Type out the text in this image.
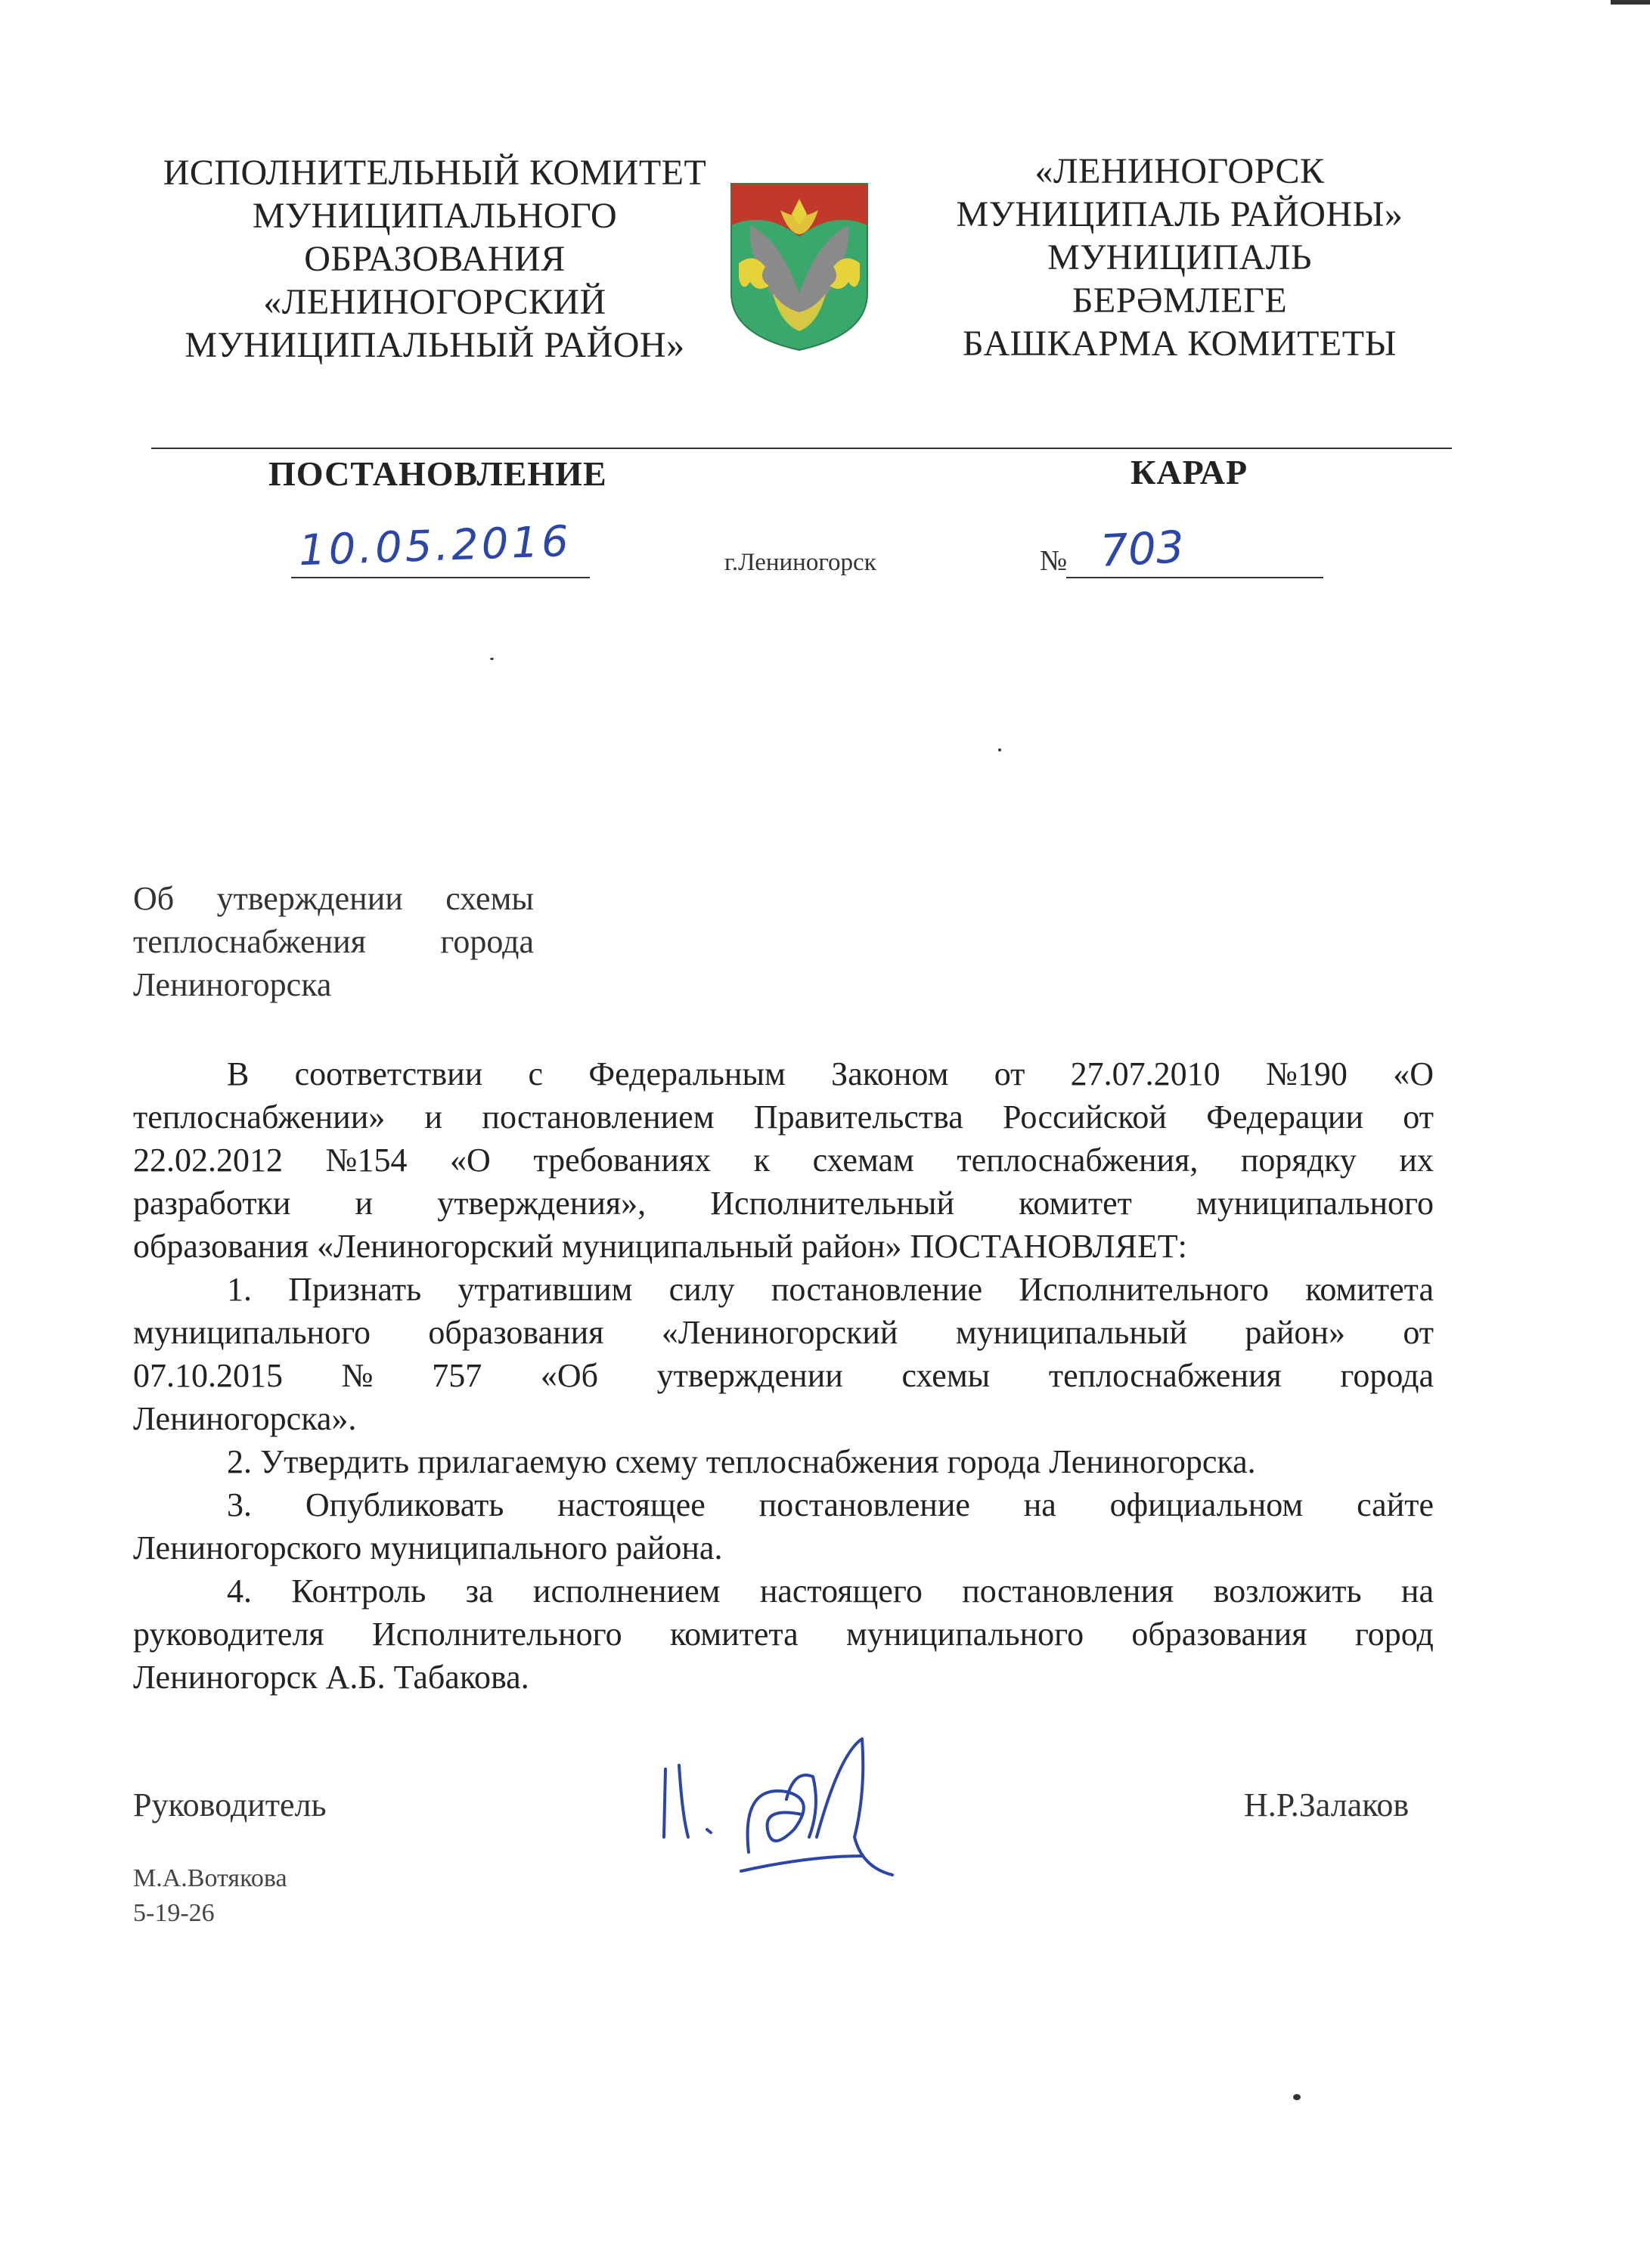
ИСПОЛНИТЕЛЬНЫЙ КОМИТЕТ
МУНИЦИПАЛЬНОГО
ОБРАЗОВАНИЯ
«ЛЕНИНОГОРСКИЙ
МУНИЦИПАЛЬНЫЙ РАЙОН»
«ЛЕНИНОГОРСК
МУНИЦИПАЛЬ РАЙОНЫ»
МУНИЦИПАЛЬ
БЕРӘМЛЕГЕ
БАШКАРМА КОМИТЕТЫ
ПОСТАНОВЛЕНИЕ	КАРАР
10.05.2016	г.Лениногорск	№ 703
Об утверждении схемы
теплоснабжения города
Лениногорска
В соответствии с Федеральным Законом от 27.07.2010 №190 «О
теплоснабжении» и постановлением Правительства Российской Федерации от
22.02.2012 №154 «О требованиях к схемам теплоснабжения, порядку их
разработки и утверждения», Исполнительный комитет муниципального
образования «Лениногорский муниципальный район» ПОСТАНОВЛЯЕТ:
1. Признать утратившим силу постановление Исполнительного комитета
муниципального образования «Лениногорский муниципальный район» от
07.10.2015 № 757 «Об утверждении схемы теплоснабжения города
Лениногорска».
2. Утвердить прилагаемую схему теплоснабжения города Лениногорска.
3. Опубликовать настоящее постановление на официальном сайте
Лениногорского муниципального района.
4. Контроль за исполнением настоящего постановления возложить на
руководителя Исполнительного комитета муниципального образования город
Лениногорск А.Б. Табакова.
Руководитель	Н.Р.Залаков
М.А.Вотякова
5-19-26
